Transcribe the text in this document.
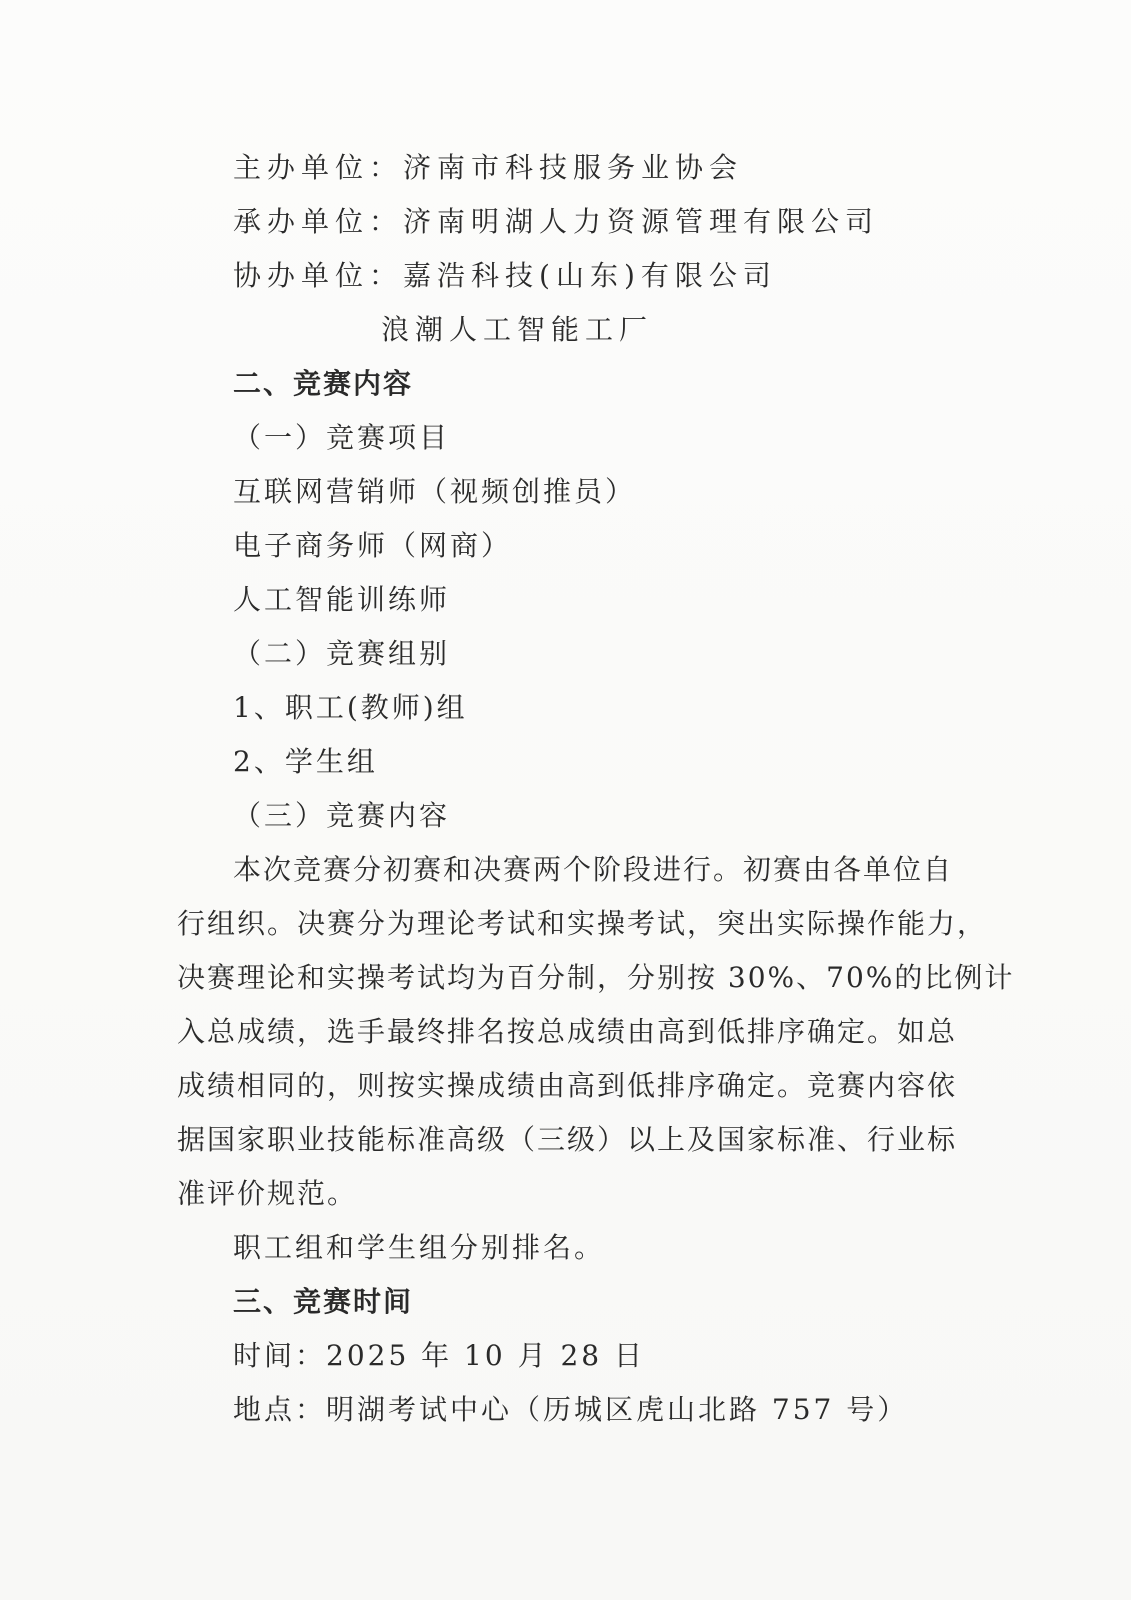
主办单位：济南市科技服务业协会
承办单位：济南明湖人力资源管理有限公司
协办单位：嘉浩科技(山东)有限公司
浪潮人工智能工厂
二、竞赛内容
（一）竞赛项目
互联网营销师（视频创推员）
电子商务师（网商）
人工智能训练师
（二）竞赛组别
1、职工(教师)组
2、学生组
（三）竞赛内容
本次竞赛分初赛和决赛两个阶段进行。初赛由各单位自
行组织。决赛分为理论考试和实操考试，突出实际操作能力，
决赛理论和实操考试均为百分制，分别按 30%、70%的比例计
入总成绩，选手最终排名按总成绩由高到低排序确定。如总
成绩相同的，则按实操成绩由高到低排序确定。竞赛内容依
据国家职业技能标准高级（三级）以上及国家标准、行业标
准评价规范。
职工组和学生组分别排名。
三、竞赛时间
时间：2025 年 10 月 28 日
地点：明湖考试中心（历城区虎山北路 757 号）
